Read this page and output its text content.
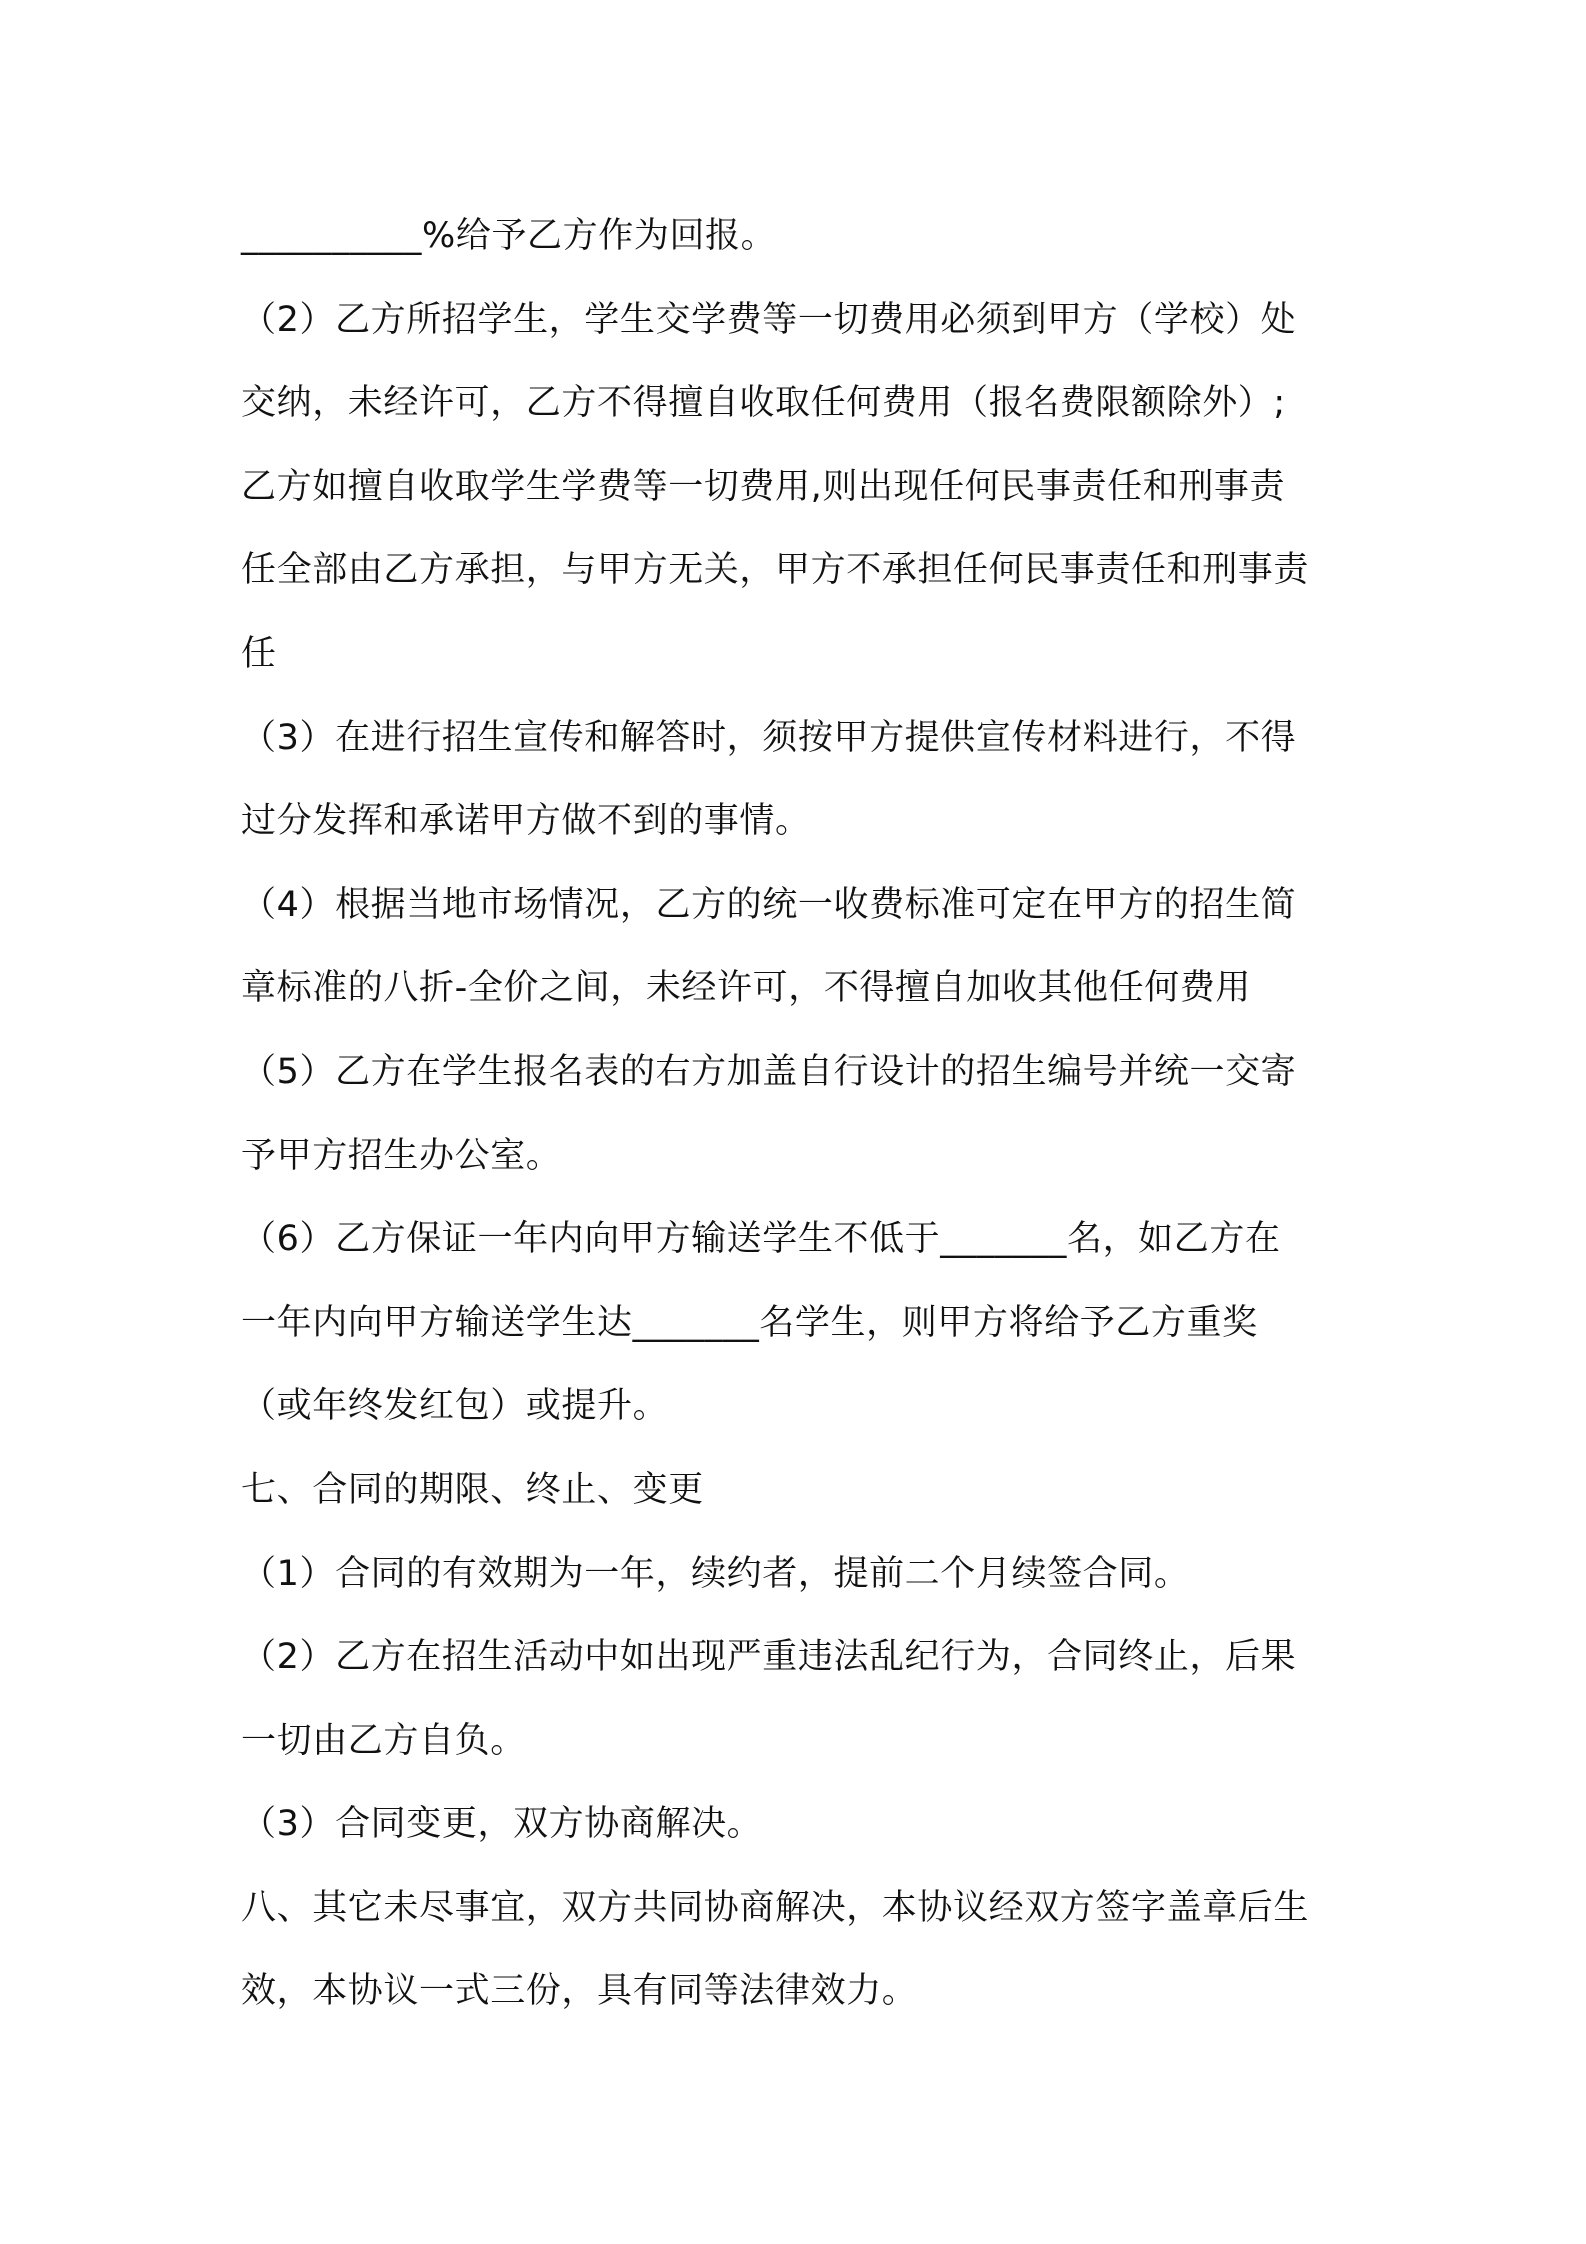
__________%给予乙方作为回报。
（2）乙方所招学生，学生交学费等一切费用必须到甲方（学校）处
交纳，未经许可，乙方不得擅自收取任何费用（报名费限额除外）;
乙方如擅自收取学生学费等一切费用,则出现任何民事责任和刑事责
任全部由乙方承担，与甲方无关，甲方不承担任何民事责任和刑事责
任
（3）在进行招生宣传和解答时，须按甲方提供宣传材料进行，不得
过分发挥和承诺甲方做不到的事情。
（4）根据当地市场情况，乙方的统一收费标准可定在甲方的招生简
章标准的八折-全价之间，未经许可，不得擅自加收其他任何费用
（5）乙方在学生报名表的右方加盖自行设计的招生编号并统一交寄
予甲方招生办公室。
（6）乙方保证一年内向甲方输送学生不低于_______名，如乙方在
一年内向甲方输送学生达_______名学生，则甲方将给予乙方重奖
（或年终发红包）或提升。
七、合同的期限、终止、变更
（1）合同的有效期为一年，续约者，提前二个月续签合同。
（2）乙方在招生活动中如出现严重违法乱纪行为，合同终止，后果
一切由乙方自负。
（3）合同变更，双方协商解决。
八、其它未尽事宜，双方共同协商解决，本协议经双方签字盖章后生
效，本协议一式三份，具有同等法律效力。
